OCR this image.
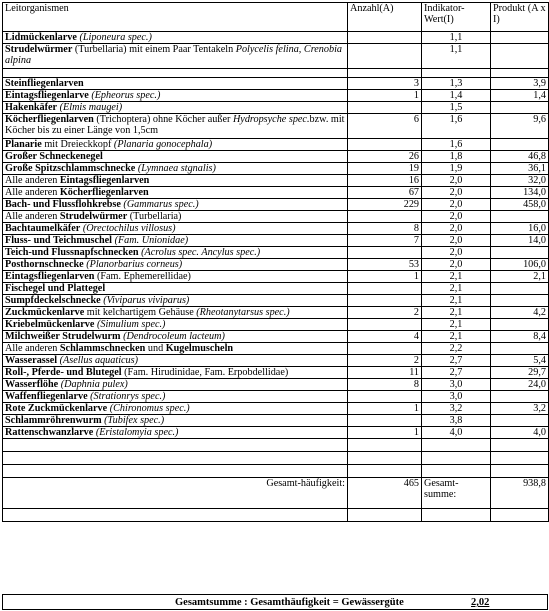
Leitorganismen	Anzahl(A)	Indikator-Wert(I)	Produkt (A x I)
Lidmückenlarve (Liponeura spec.)		1,1	
Strudelwürmer (Turbellaria) mit einem Paar Tentakeln Polycelis felina, Crenobia alpina		1,1	

Steinfliegenlarven	3	1,3	3,9
Eintagsfliegenlarve (Epheorus spec.)	1	1,4	1,4
Hakenkäfer (Elmis maugei)		1,5	
Köcherfliegenlarven (Trichoptera) ohne Köcher außer Hydropsyche spec.bzw. mit Köcher bis zu einer Länge von 1,5cm	6	1,6	9,6
Planarie mit Dreieckkopf (Planaria gonocephala)		1,6	
Großer Schneckenegel	26	1,8	46,8
Große Spitzschlammschnecke (Lymnaea stgnalis)	19	1,9	36,1
Alle anderen Eintagsfliegenlarven	16	2,0	32,0
Alle anderen Köcherfliegenlarven	67	2,0	134,0
Bach- und Flussflohkrebse (Gammarus spec.)	229	2,0	458,0
Alle anderen Strudelwürmer (Turbellaria)		2,0	
Bachtaumelkäfer (Orectochilus villosus)	8	2,0	16,0
Fluss- und Teichmuschel (Fam. Unionidae)	7	2,0	14,0
Teich-und Flussnapfschnecken (Acrolus spec. Ancylus spec.)		2,0	
Posthornschnecke (Planorbarius corneus)	53	2,0	106,0
Eintagsfliegenlarven (Fam. Ephemerellidae)	1	2,1	2,1
Fischegel und Plattegel		2,1	
Sumpfdeckelschnecke (Viviparus viviparus)		2,1	
Zuckmückenlarve mit kelchartigem Gehäuse (Rheotanytarsus spec.)	2	2,1	4,2
Kriebelmückenlarve (Simulium spec.)		2,1	
Milchweißer Strudelwurm (Dendrocoleum lacteum)	4	2,1	8,4
Alle anderen Schlammschnecken und Kugelmuscheln		2,2	
Wasserassel (Asellus aquaticus)	2	2,7	5,4
Roll-, Pferde- und Blutegel (Fam. Hirudinidae, Fam. Erpobdellidae)	11	2,7	29,7
Wasserflöhe (Daphnia pulex)	8	3,0	24,0
Waffenfliegenlarve (Strationrys spec.)		3,0	
Rote Zuckmückenlarve (Chironomus spec.)	1	3,2	3,2
Schlammröhrenwurm (Tubifex spec.)		3,8	
Rattenschwanzlarve (Eristalomyia spec.)	1	4,0	4,0

Gesamt-häufigkeit:	465	Gesamt-summe:	938,8

Gesamtsumme : Gesamthäufigkeit = Gewässergüte	2,02
